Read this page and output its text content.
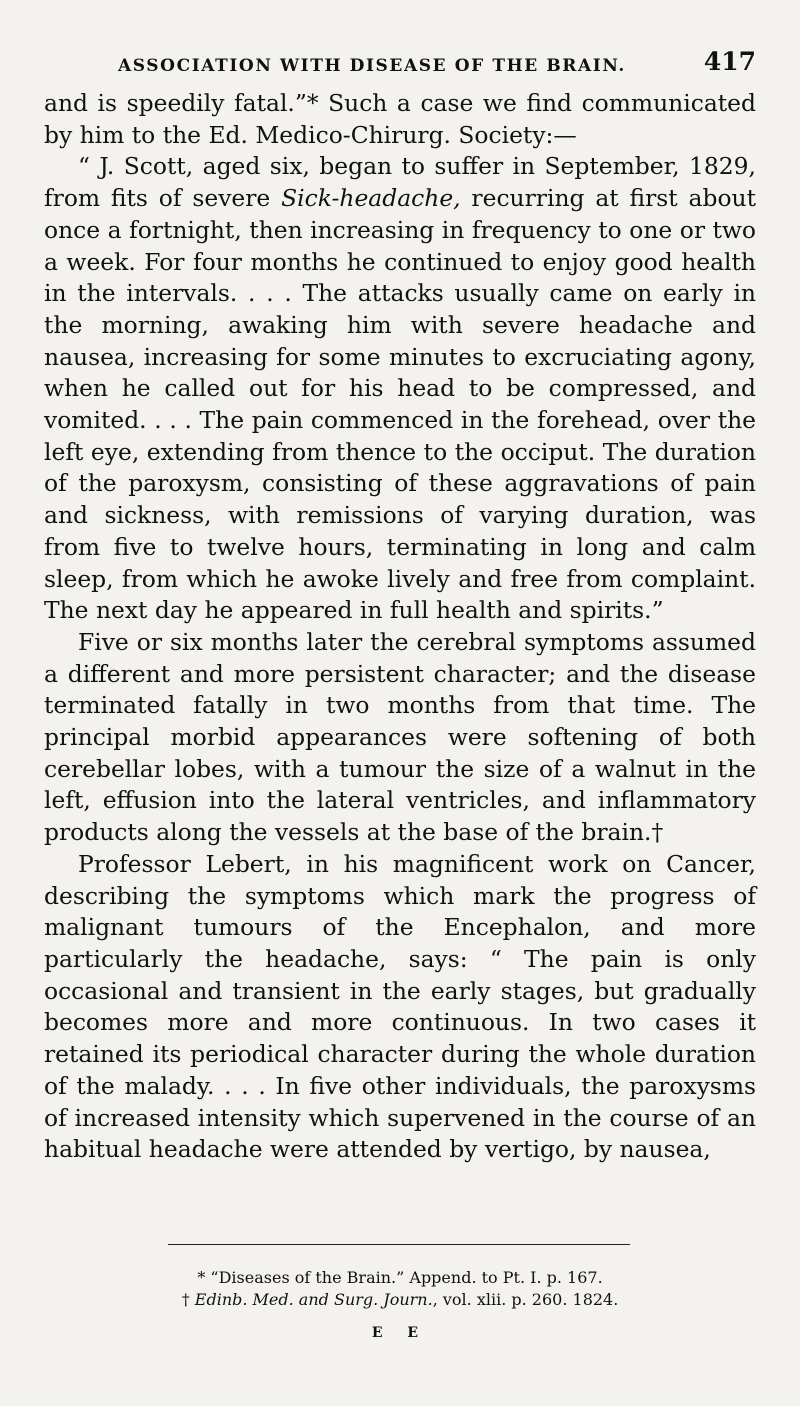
ASSOCIATION WITH DISEASE OF THE BRAIN.	417

and is speedily fatal.”* Such a case we find communicated by him to the Ed. Medico-Chirurg. Society:—

“ J. Scott, aged six, began to suffer in September, 1829, from fits of severe Sick-headache, recurring at first about once a fortnight, then increasing in frequency to one or two a week. For four months he continued to enjoy good health in the intervals. . . . The attacks usually came on early in the morning, awaking him with severe headache and nausea, increasing for some minutes to excruciating agony, when he called out for his head to be compressed, and vomited. . . . The pain commenced in the forehead, over the left eye, extending from thence to the occiput. The duration of the paroxysm, consisting of these aggravations of pain and sickness, with remissions of varying duration, was from five to twelve hours, terminating in long and calm sleep, from which he awoke lively and free from complaint. The next day he appeared in full health and spirits.”

Five or six months later the cerebral symptoms assumed a different and more persistent character; and the disease terminated fatally in two months from that time. The principal morbid appearances were softening of both cerebellar lobes, with a tumour the size of a walnut in the left, effusion into the lateral ventricles, and inflammatory products along the vessels at the base of the brain.†

Professor Lebert, in his magnificent work on Cancer, describing the symptoms which mark the progress of malignant tumours of the Encephalon, and more particularly the headache, says: “ The pain is only occasional and transient in the early stages, but gradually becomes more and more continuous. In two cases it retained its periodical character during the whole duration of the malady. . . . In five other individuals, the paroxysms of increased intensity which supervened in the course of an habitual headache were attended by vertigo, by nausea,

* “Diseases of the Brain.” Append. to Pt. I. p. 167.

† Edinb. Med. and Surg. Journ., vol. xlii. p. 260. 1824.

E E
